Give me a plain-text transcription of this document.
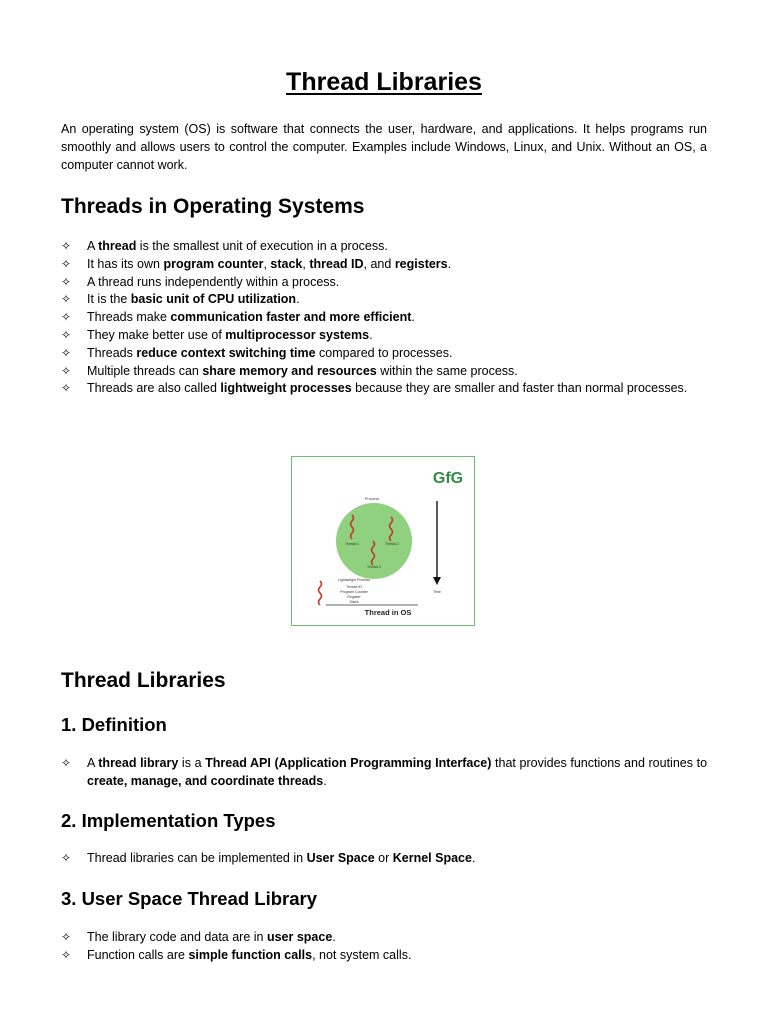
Thread Libraries

An operating system (OS) is software that connects the user, hardware, and applications. It helps programs run smoothly and allows users to control the computer. Examples include Windows, Linux, and Unix. Without an OS, a computer cannot work.

Threads in Operating Systems
✧ A thread is the smallest unit of execution in a process.
✧ It has its own program counter, stack, thread ID, and registers.
✧ A thread runs independently within a process.
✧ It is the basic unit of CPU utilization.
✧ Threads make communication faster and more efficient.
✧ They make better use of multiprocessor systems.
✧ Threads reduce context switching time compared to processes.
✧ Multiple threads can share memory and resources within the same process.
✧ Threads are also called lightweight processes because they are smaller and faster than normal processes.
GfG
Process
Thread 1	Thread 2
Thread 3
Lightweight Process
Thread ID
Program Counter
Register
Stack
Time
Thread in OS
Thread Libraries
1. Definition
✧ A thread library is a Thread API (Application Programming Interface) that provides functions and routines to create, manage, and coordinate threads.
2. Implementation Types
✧ Thread libraries can be implemented in User Space or Kernel Space.
3. User Space Thread Library
✧ The library code and data are in user space.
✧ Function calls are simple function calls, not system calls.
